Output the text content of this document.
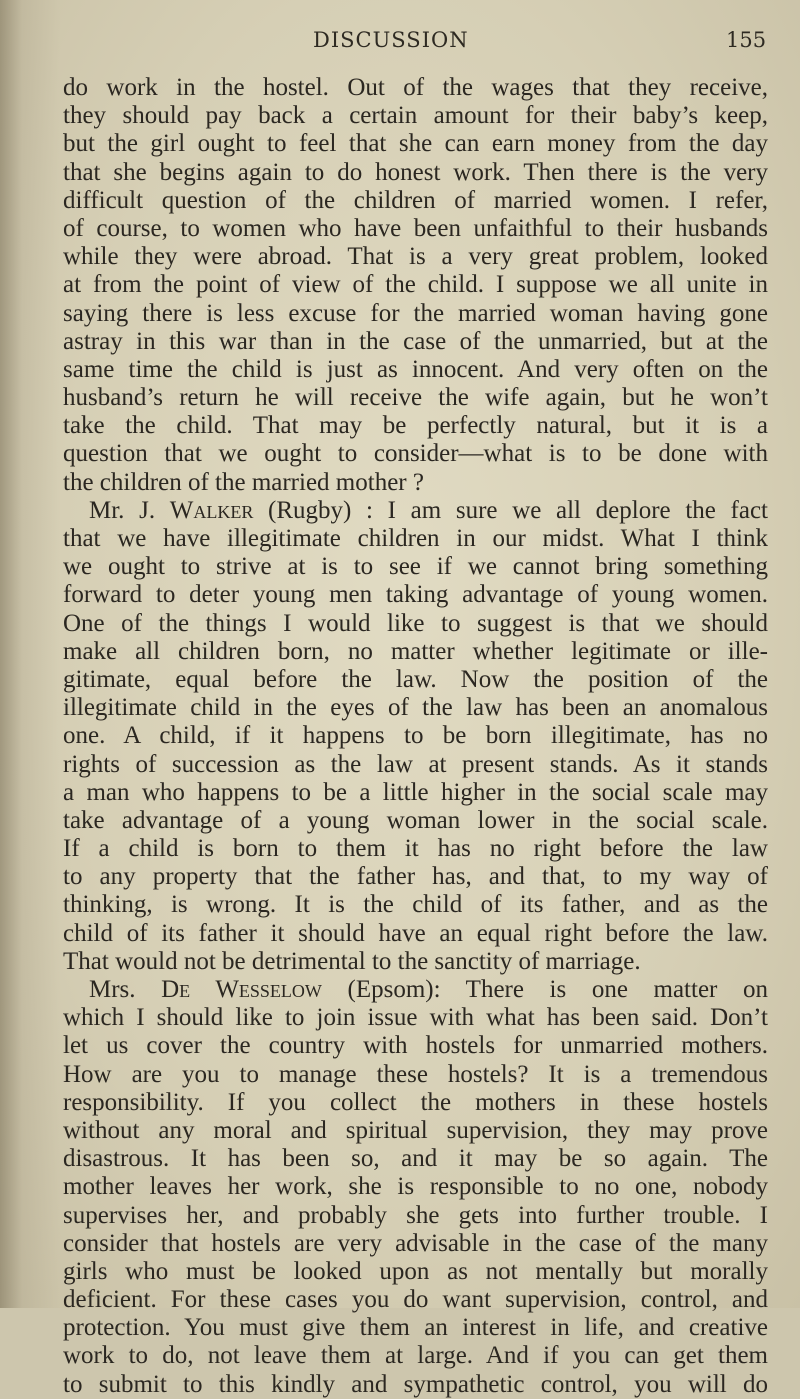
DISCUSSION	155
do work in the hostel. Out of the wages that they receive,
they should pay back a certain amount for their baby’s keep,
but the girl ought to feel that she can earn money from the day
that she begins again to do honest work. Then there is the very
difficult question of the children of married women. I refer,
of course, to women who have been unfaithful to their husbands
while they were abroad. That is a very great problem, looked
at from the point of view of the child. I suppose we all unite in
saying there is less excuse for the married woman having gone
astray in this war than in the case of the unmarried, but at the
same time the child is just as innocent. And very often on the
husband’s return he will receive the wife again, but he won’t
take the child. That may be perfectly natural, but it is a
question that we ought to consider—what is to be done with
the children of the married mother ?
Mr. J. Walker (Rugby) : I am sure we all deplore the fact
that we have illegitimate children in our midst. What I think
we ought to strive at is to see if we cannot bring something
forward to deter young men taking advantage of young women.
One of the things I would like to suggest is that we should
make all children born, no matter whether legitimate or ille-
gitimate, equal before the law. Now the position of the
illegitimate child in the eyes of the law has been an anomalous
one. A child, if it happens to be born illegitimate, has no
rights of succession as the law at present stands. As it stands
a man who happens to be a little higher in the social scale may
take advantage of a young woman lower in the social scale.
If a child is born to them it has no right before the law
to any property that the father has, and that, to my way of
thinking, is wrong. It is the child of its father, and as the
child of its father it should have an equal right before the law.
That would not be detrimental to the sanctity of marriage.
Mrs. De Wesselow (Epsom): There is one matter on
which I should like to join issue with what has been said. Don’t
let us cover the country with hostels for unmarried mothers.
How are you to manage these hostels? It is a tremendous
responsibility. If you collect the mothers in these hostels
without any moral and spiritual supervision, they may prove
disastrous. It has been so, and it may be so again. The
mother leaves her work, she is responsible to no one, nobody
supervises her, and probably she gets into further trouble. I
consider that hostels are very advisable in the case of the many
girls who must be looked upon as not mentally but morally
deficient. For these cases you do want supervision, control, and
protection. You must give them an interest in life, and creative
work to do, not leave them at large. And if you can get them
to submit to this kindly and sympathetic control, you will do
